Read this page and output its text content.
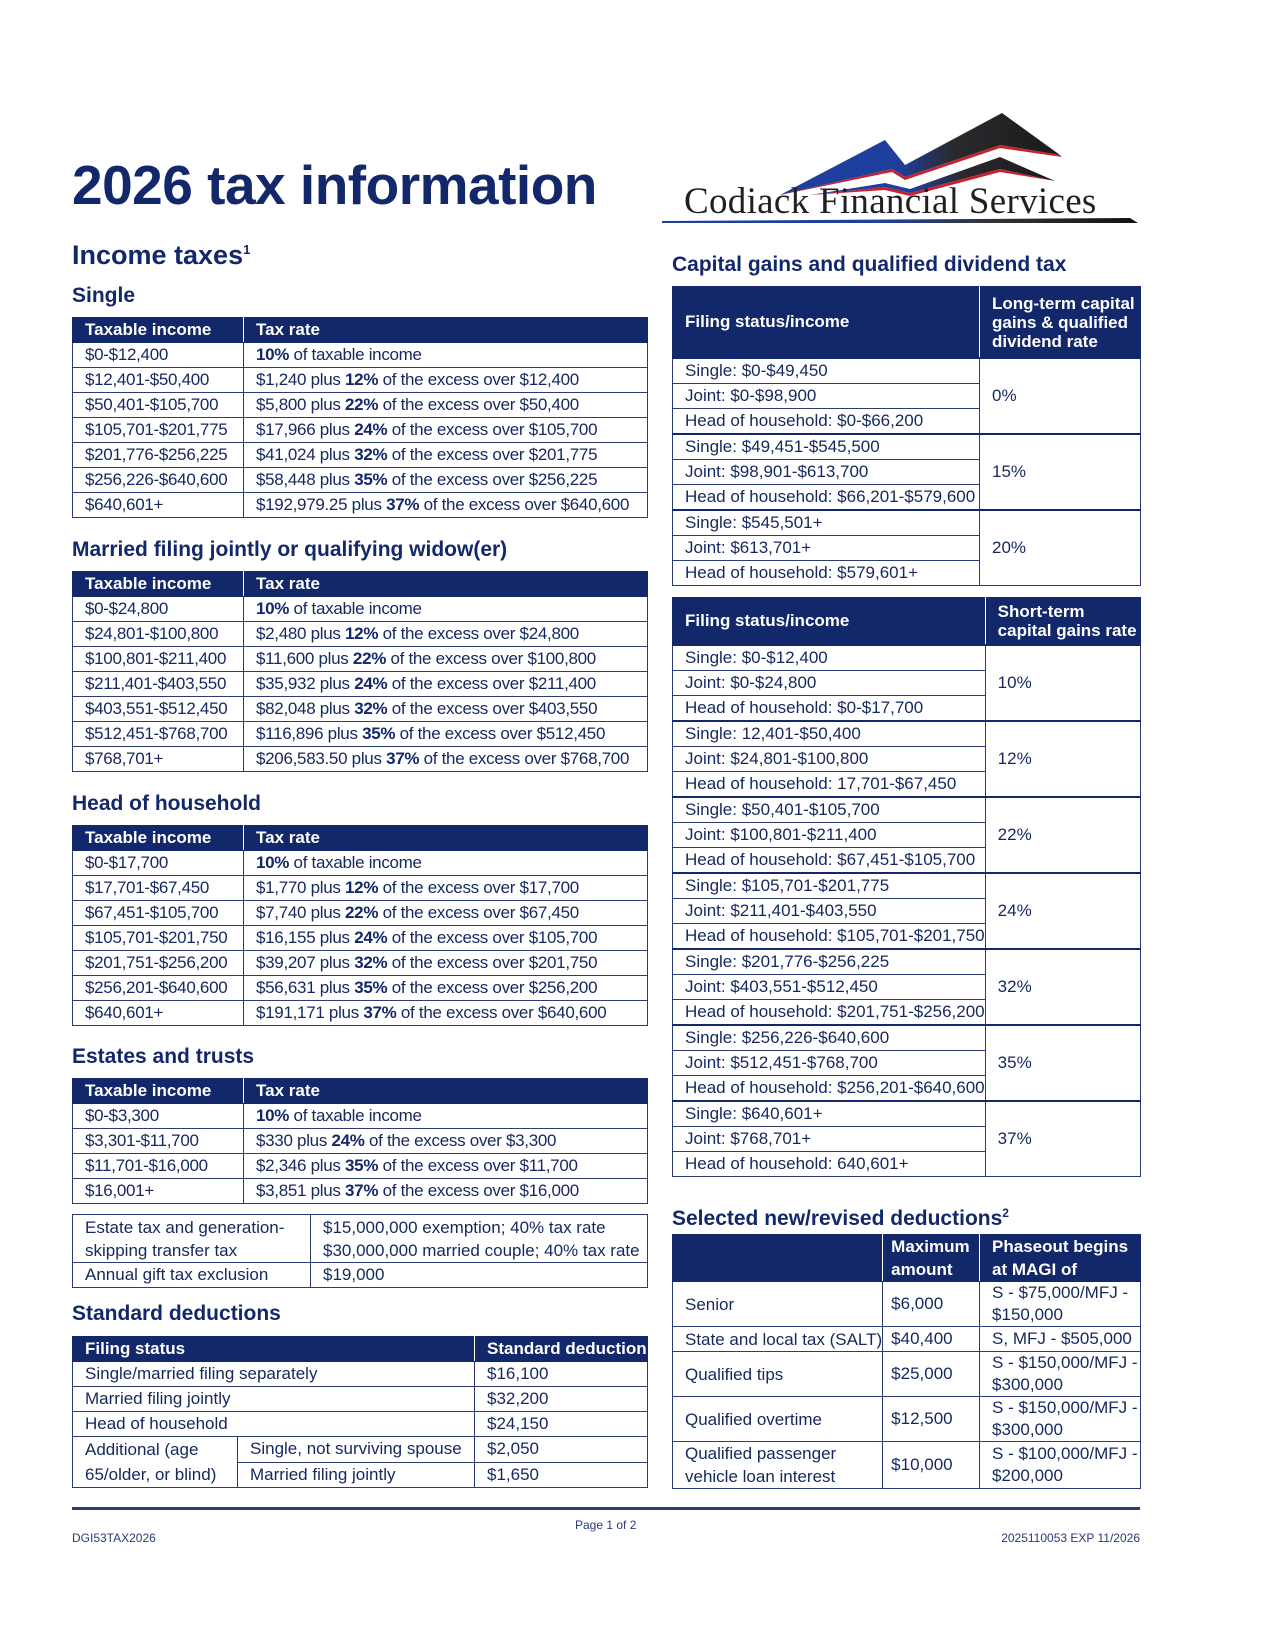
2026 tax information
Income taxes$^1$

Codiack Financial Services

Single
Taxable income	Tax rate
$0-$12,400	10% of taxable income
$12,401-$50,400	$1,240 plus 12% of the excess over $12,400
$50,401-$105,700	$5,800 plus 22% of the excess over $50,400
$105,701-$201,775	$17,966 plus 24% of the excess over $105,700
$201,776-$256,225	$41,024 plus 32% of the excess over $201,775
$256,226-$640,600	$58,448 plus 35% of the excess over $256,225
$640,601+	$192,979.25 plus 37% of the excess over $640,600
Married filing jointly or qualifying widow(er)
Taxable income	Tax rate
$0-$24,800	10% of taxable income
$24,801-$100,800	$2,480 plus 12% of the excess over $24,800
$100,801-$211,400	$11,600 plus 22% of the excess over $100,800
$211,401-$403,550	$35,932 plus 24% of the excess over $211,400
$403,551-$512,450	$82,048 plus 32% of the excess over $403,550
$512,451-$768,700	$116,896 plus 35% of the excess over $512,450
$768,701+	$206,583.50 plus 37% of the excess over $768,700
Head of household
Taxable income	Tax rate
$0-$17,700	10% of taxable income
$17,701-$67,450	$1,770 plus 12% of the excess over $17,700
$67,451-$105,700	$7,740 plus 22% of the excess over $67,450
$105,701-$201,750	$16,155 plus 24% of the excess over $105,700
$201,751-$256,200	$39,207 plus 32% of the excess over $201,750
$256,201-$640,600	$56,631 plus 35% of the excess over $256,200
$640,601+	$191,171 plus 37% of the excess over $640,600
Estates and trusts
Taxable income	Tax rate
$0-$3,300	10% of taxable income
$3,301-$11,700	$330 plus 24% of the excess over $3,300
$11,701-$16,000	$2,346 plus 35% of the excess over $11,700
$16,001+	$3,851 plus 37% of the excess over $16,000
Estate tax and generation-
skipping transfer tax	$15,000,000 exemption; 40% tax rate
$30,000,000 married couple; 40% tax rate
Annual gift tax exclusion	$19,000
Standard deductions
Filing status		Standard deduction
Single/married filing separately		$16,100
Married filing jointly		$32,200
Head of household		$24,150
Additional (age
65/older, or blind)	Single, not surviving spouse	$2,050
	Married filing jointly	$1,650
Capital gains and qualified dividend tax
Filing status/income	Long-term capital
gains & qualified
dividend rate
Single: $0-$49,450	0%
Joint: $0-$98,900	
Head of household: $0-$66,200	
Single: $49,451-$545,500	15%
Joint: $98,901-$613,700	
Head of household: $66,201-$579,600	
Single: $545,501+	20%
Joint: $613,701+	
Head of household: $579,601+	
Filing status/income	Short-term
capital gains rate
Single: $0-$12,400	10%
Joint: $0-$24,800	
Head of household: $0-$17,700	
Single: 12,401-$50,400	12%
Joint: $24,801-$100,800	
Head of household: 17,701-$67,450	
Single: $50,401-$105,700	22%
Joint: $100,801-$211,400	
Head of household: $67,451-$105,700	
Single: $105,701-$201,775	24%
Joint: $211,401-$403,550	
Head of household: $105,701-$201,750	
Single: $201,776-$256,225	32%
Joint: $403,551-$512,450	
Head of household: $201,751-$256,200	
Single: $256,226-$640,600	35%
Joint: $512,451-$768,700	
Head of household: $256,201-$640,600	
Single: $640,601+	37%
Joint: $768,701+	
Head of household: 640,601+	
Selected new/revised deductions$^2$
	Maximum
amount	Phaseout begins
at MAGI of
Senior	$6,000	S - $75,000/MFJ -
$150,000
State and local tax (SALT)	$40,400	S, MFJ - $505,000
Qualified tips	$25,000	S - $150,000/MFJ -
$300,000
Qualified overtime	$12,500	S - $150,000/MFJ -
$300,000
Qualified passenger
vehicle loan interest	$10,000	S - $100,000/MFJ -
$200,000

Page 1 of 2

DGI53TAX2026	2025110053 EXP 11/2026
